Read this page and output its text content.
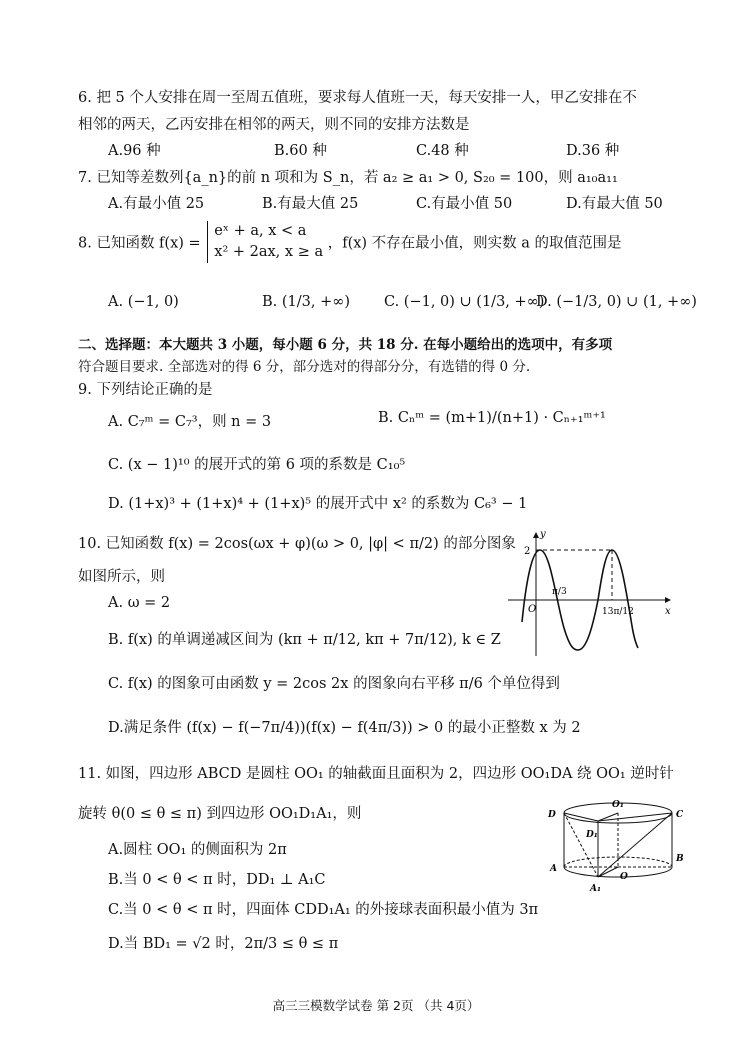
6. 把 5 个人安排在周一至周五值班，要求每人值班一天，每天安排一人，甲乙安排在不
相邻的两天，乙丙安排在相邻的两天，则不同的安排方法数是
A.96 种	B.60 种	C.48 种	D.36 种
7. 已知等差数列{a_n}的前 n 项和为 S_n，若 a₂ ≥ a₁ > 0, S₂₀ = 100，则 a₁₀a₁₁
A.有最小值 25	B.有最大值 25	C.有最小值 50	D.有最大值 50
8. 已知函数 f(x) =
eˣ + a, x < a
x² + 2ax, x ≥ a
，f(x) 不存在最小值，则实数 a 的取值范围是
A. (−1, 0)	B. (1/3, +∞) C. (−1, 0) ∪ (1/3, +∞)
D. (−1/3, 0) ∪ (1, +∞)
二、选择题：本大题共 3 小题，每小题 6 分，共 18 分. 在每小题给出的选项中，有多项
符合题目要求. 全部选对的得 6 分，部分选对的得部分分，有选错的得 0 分.
9. 下列结论正确的是
A. C₇ᵐ = C₇³，则 n = 3	B. Cₙᵐ = (m+1)/(n+1) · Cₙ₊₁ᵐ⁺¹
C. (x − 1)¹⁰ 的展开式的第 6 项的系数是 C₁₀⁵
D. (1+x)³ + (1+x)⁴ + (1+x)⁵ 的展开式中 x² 的系数为 C₆³ − 1
10. 已知函数 f(x) = 2cos(ωx + φ)(ω > 0, |φ| < π/2) 的部分图象
如图所示，则
A. ω = 2
B. f(x) 的单调递减区间为 (kπ + π/12, kπ + 7π/12), k ∈ Z
C. f(x) 的图象可由函数 y = 2cos 2x 的图象向右平移 π/6 个单位得到
D.满足条件 (f(x) − f(−7π/4))(f(x) − f(4π/3)) > 0 的最小正整数 x 为 2
y
x
2
O
π/3
13π/12
11. 如图，四边形 ABCD 是圆柱 OO₁ 的轴截面且面积为 2，四边形 OO₁DA 绕 OO₁ 逆时针
旋转 θ(0 ≤ θ ≤ π) 到四边形 OO₁D₁A₁，则
A.圆柱 OO₁ 的侧面积为 2π
B.当 0 < θ < π 时，DD₁ ⊥ A₁C
C.当 0 < θ < π 时，四面体 CDD₁A₁ 的外接球表面积最小值为 3π
D.当 BD₁ = √2 时，2π/3 ≤ θ ≤ π
D
O₁
C
D₁
A
O
B
A₁
高三三模数学试卷 第 2页 （共 4页）
